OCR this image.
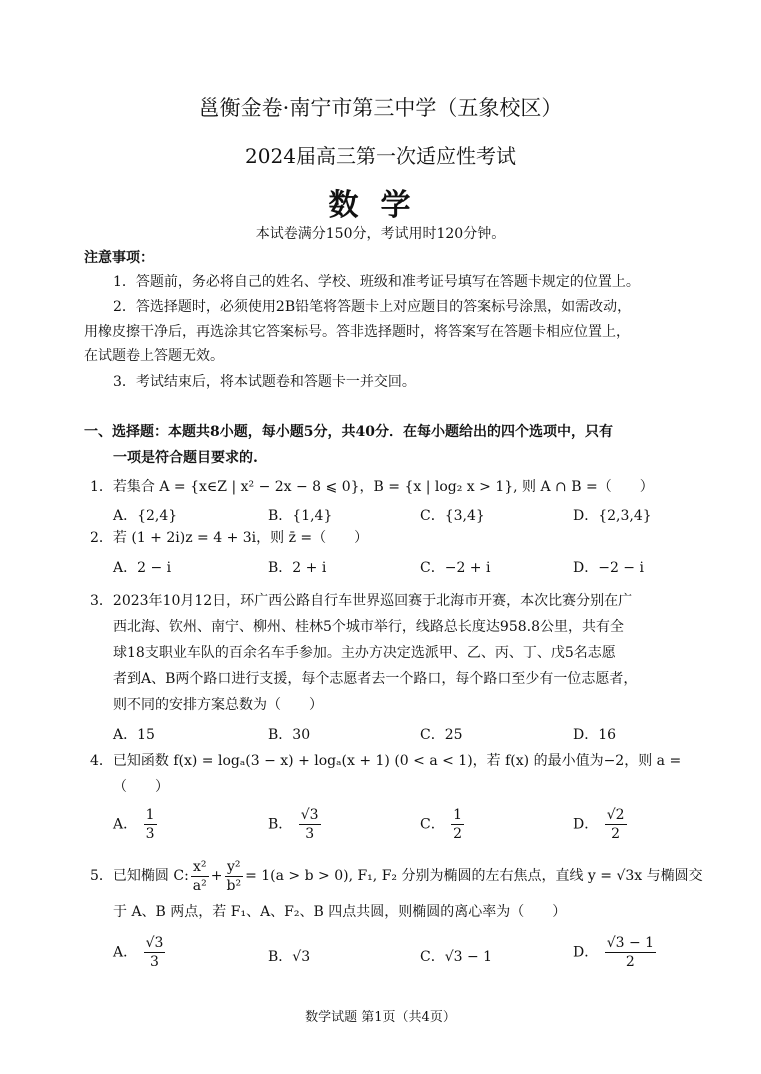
邕衡金卷·南宁市第三中学（五象校区）
2024届高三第一次适应性考试
数学
本试卷满分150分，考试用时120分钟。
注意事项：
1．答题前，务必将自己的姓名、学校、班级和准考证号填写在答题卡规定的位置上。
2．答选择题时，必须使用2B铅笔将答题卡上对应题目的答案标号涂黑，如需改动，
用橡皮擦干净后，再选涂其它答案标号。答非选择题时，将答案写在答题卡相应位置上，
在试题卷上答题无效。
3．考试结束后，将本试题卷和答题卡一并交回。
一、选择题：本题共8小题，每小题5分，共40分．在每小题给出的四个选项中，只有
一项是符合题目要求的.
1．若集合 A = {x∈Z | x² − 2x − 8 ⩽ 0}，B = {x | log₂ x > 1}, 则 A ∩ B =（　　）
A．{2,4}	B．{1,4}	C．{3,4}	D．{2,3,4}
2．若 (1 + 2i)z = 4 + 3i，则 z̄ =（　　）
A．2 − i	B．2 + i	C．−2 + i	D．−2 − i
3．2023年10月12日，环广西公路自行车世界巡回赛于北海市开赛，本次比赛分别在广
西北海、钦州、南宁、柳州、桂林5个城市举行，线路总长度达958.8公里，共有全
球18支职业车队的百余名车手参加。主办方决定选派甲、乙、丙、丁、戊5名志愿
者到A、B两个路口进行支援，每个志愿者去一个路口，每个路口至少有一位志愿者，
则不同的安排方案总数为（　　）
A．15	B．30	C．25	D．16
4．已知函数 f(x) = logₐ(3 − x) + logₐ(x + 1) (0 < a < 1)，若 f(x) 的最小值为−2，则 a =
（　　）
A． $\frac{1}{3}$	B． $\frac{√3}{3}$	C． $\frac{1}{2}$	D． $\frac{√2}{2}$
5．已知椭圆 C: $\frac{\text{x²}}{\text{a²}} + \frac{\text{y²}}{\text{b²}} = 1(a > b > 0)$, F₁, F₂ 分别为椭圆的左右焦点，直线 y = √3x 与椭圆交
于 A、B 两点，若 F₁、A、F₂、B 四点共圆，则椭圆的离心率为（　　）
A． $\frac{√3}{3}$	B．√3	C．√3 − 1	D． $\frac{√3 - 1}{2}$
数学试题 第1页（共4页）
